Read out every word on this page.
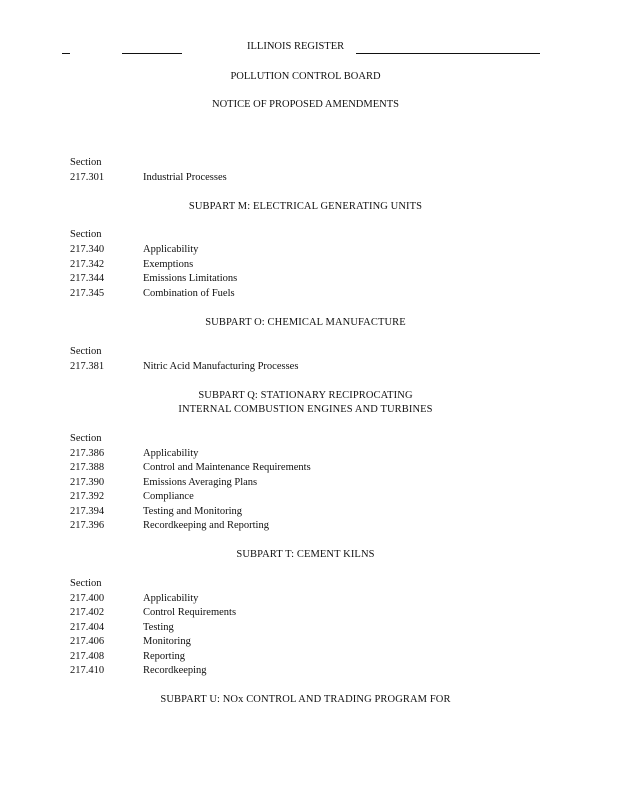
ILLINOIS REGISTER
POLLUTION CONTROL BOARD
NOTICE OF PROPOSED AMENDMENTS
Section
217.301	Industrial Processes
SUBPART M: ELECTRICAL GENERATING UNITS
Section
217.340	Applicability
217.342	Exemptions
217.344	Emissions Limitations
217.345	Combination of Fuels
SUBPART O: CHEMICAL MANUFACTURE
Section
217.381	Nitric Acid Manufacturing Processes
SUBPART Q: STATIONARY RECIPROCATING
INTERNAL COMBUSTION ENGINES AND TURBINES
Section
217.386	Applicability
217.388	Control and Maintenance Requirements
217.390	Emissions Averaging Plans
217.392	Compliance
217.394	Testing and Monitoring
217.396	Recordkeeping and Reporting
SUBPART T: CEMENT KILNS
Section
217.400	Applicability
217.402	Control Requirements
217.404	Testing
217.406	Monitoring
217.408	Reporting
217.410	Recordkeeping
SUBPART U: NOx CONTROL AND TRADING PROGRAM FOR
